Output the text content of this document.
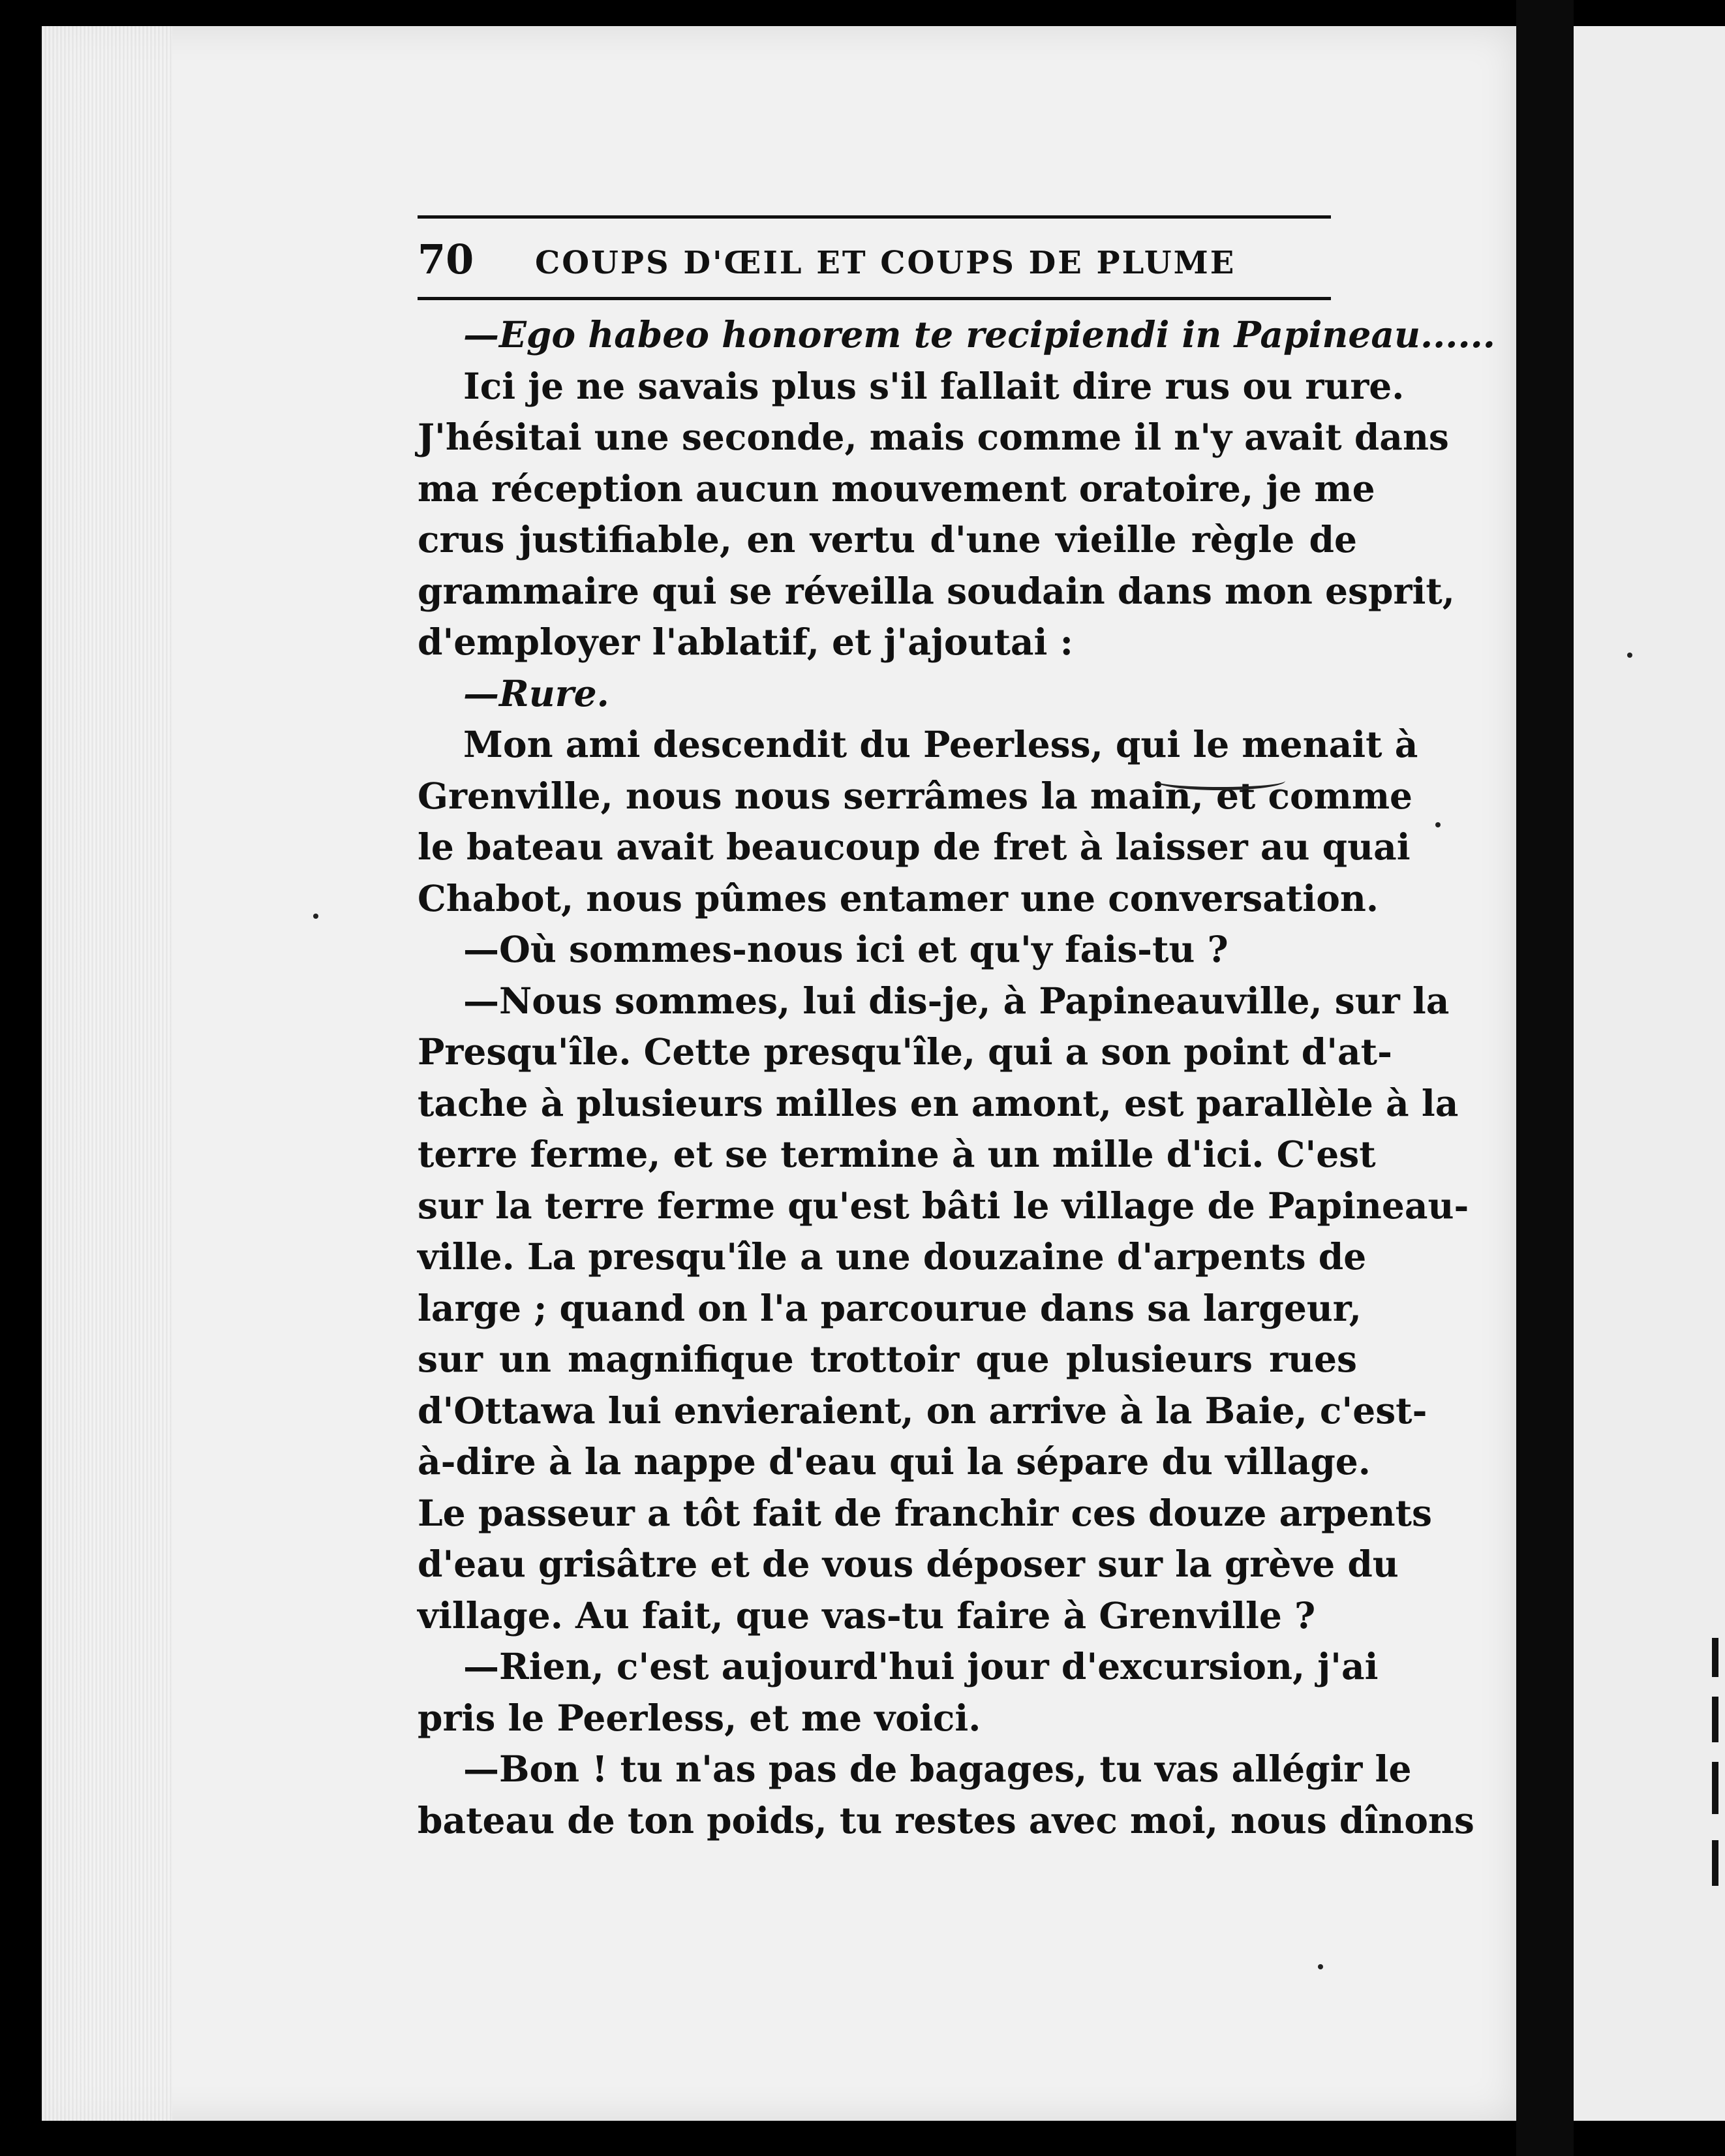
70	COUPS D'ŒIL ET COUPS DE PLUME
—Ego habeo honorem te recipiendi in Papineau......
Ici je ne savais plus s'il fallait dire rus ou rure.
J'hésitai une seconde, mais comme il n'y avait dans
ma réception aucun mouvement oratoire, je me
crus justifiable, en vertu d'une vieille règle de
grammaire qui se réveilla soudain dans mon esprit,
d'employer l'ablatif, et j'ajoutai :
—Rure.
Mon ami descendit du Peerless, qui le menait à
Grenville, nous nous serrâmes la main, et comme
le bateau avait beaucoup de fret à laisser au quai
Chabot, nous pûmes entamer une conversation.
—Où sommes-nous ici et qu'y fais-tu ?
—Nous sommes, lui dis-je, à Papineauville, sur la
Presqu'île. Cette presqu'île, qui a son point d'at-
tache à plusieurs milles en amont, est parallèle à la
terre ferme, et se termine à un mille d'ici. C'est
sur la terre ferme qu'est bâti le village de Papineau-
ville. La presqu'île a une douzaine d'arpents de
large ; quand on l'a parcourue dans sa largeur,
sur un magnifique trottoir que plusieurs rues
d'Ottawa lui envieraient, on arrive à la Baie, c'est-
à-dire à la nappe d'eau qui la sépare du village.
Le passeur a tôt fait de franchir ces douze arpents
d'eau grisâtre et de vous déposer sur la grève du
village. Au fait, que vas-tu faire à Grenville ?
—Rien, c'est aujourd'hui jour d'excursion, j'ai
pris le Peerless, et me voici.
—Bon ! tu n'as pas de bagages, tu vas allégir le
bateau de ton poids, tu restes avec moi, nous dînons
